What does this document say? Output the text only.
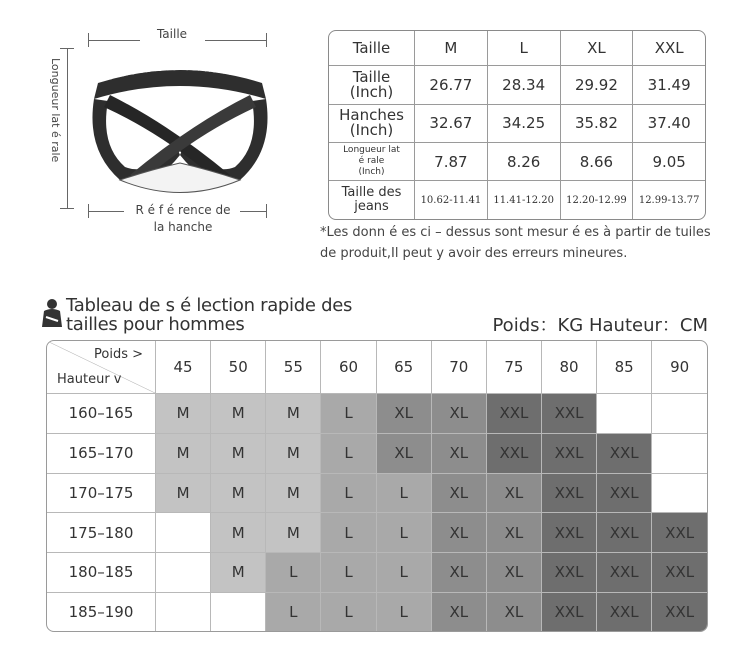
Taille
Longueur lat é rale
R é f é rence de
la hanche
ORLVS BLACK UNDERWEAR
Taille	M	L	XL	XXL
Taille
(Inch)	26.77	28.34	29.92	31.49
Hanches
(Inch)	32.67	34.25	35.82	37.40
Longueur lat
é rale
(Inch)	7.87	8.26	8.66	9.05
Taille des
jeans	10.62-11.41	11.41-12.20	12.20-12.99	12.99-13.77
*Les donn é es ci – dessus sont mesur é es à partir de tuiles de produit,Il peut y avoir des erreurs mineures.
Tableau de s é lection rapide des
tailles pour hommes	Poids：KG Hauteur：CM
Poids >
Hauteur v	45	50	55	60	65	70	75	80	85	90
160–165	M	M	M	L	XL	XL	XXL	XXL		
165–170	M	M	M	L	XL	XL	XXL	XXL	XXL	
170–175	M	M	M	L	L	XL	XL	XXL	XXL	
175–180		M	M	L	L	XL	XL	XXL	XXL	XXL
180–185		M	L	L	L	XL	XL	XXL	XXL	XXL
185–190			L	L	L	XL	XL	XXL	XXL	XXL
